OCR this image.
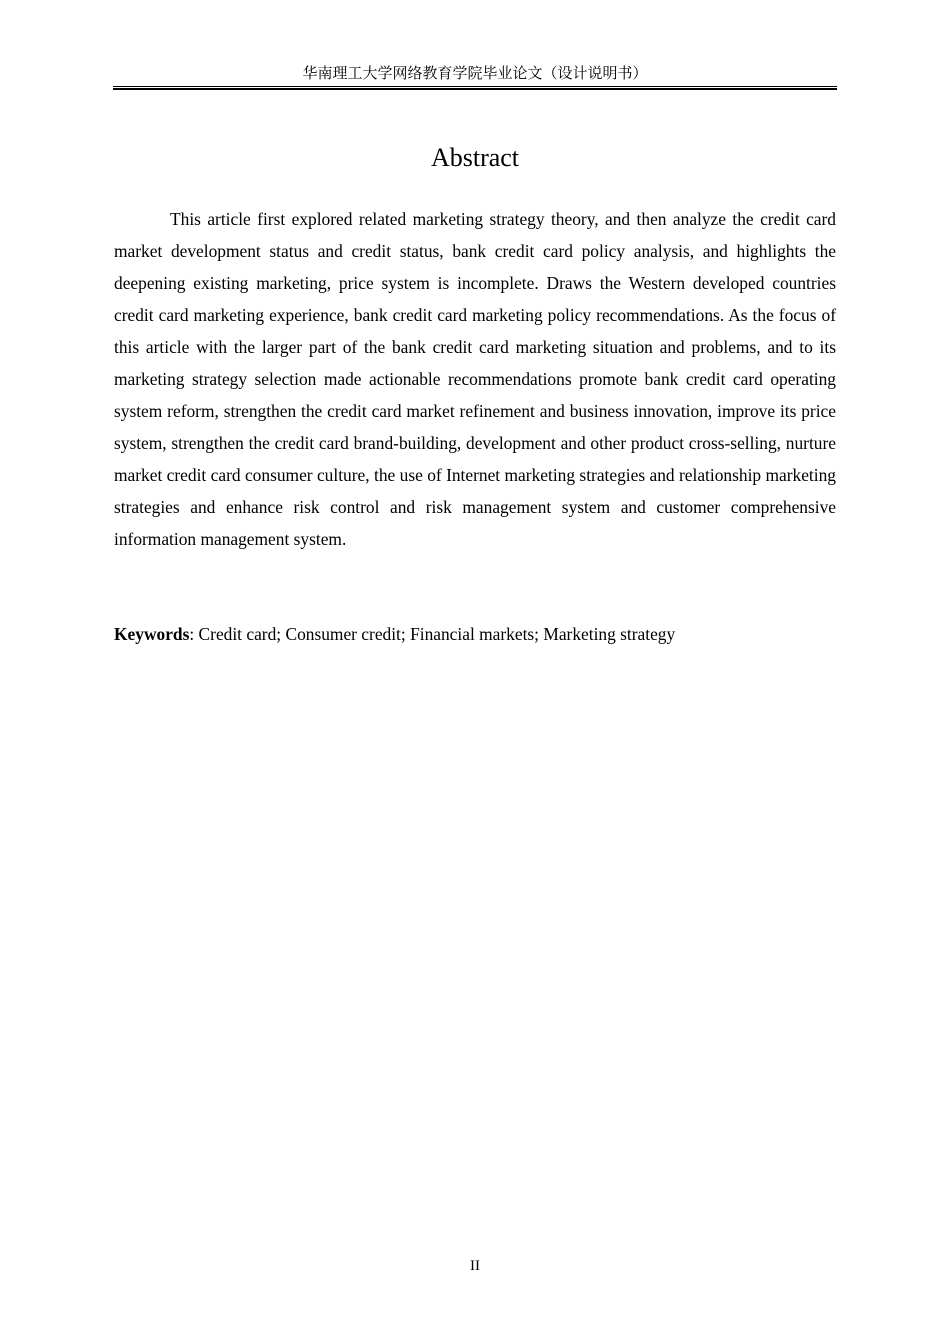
华南理工大学网络教育学院毕业论文（设计说明书）
Abstract

This article first explored related marketing strategy theory, and then analyze the credit card market development status and credit status, bank credit card policy analysis, and highlights the deepening existing marketing, price system is incomplete. Draws the Western developed countries credit card marketing experience, bank credit card marketing policy recommendations. As the focus of this article with the larger part of the bank credit card marketing situation and problems, and to its marketing strategy selection made actionable recommendations promote bank credit card operating system reform, strengthen the credit card market refinement and business innovation, improve its price system, strengthen the credit card brand-building, development and other product cross-selling, nurture market credit card consumer culture, the use of Internet marketing strategies and relationship marketing strategies and enhance risk control and risk management system and customer comprehensive information management system.

Keywords: Credit card; Consumer credit; Financial markets; Marketing strategy
II
